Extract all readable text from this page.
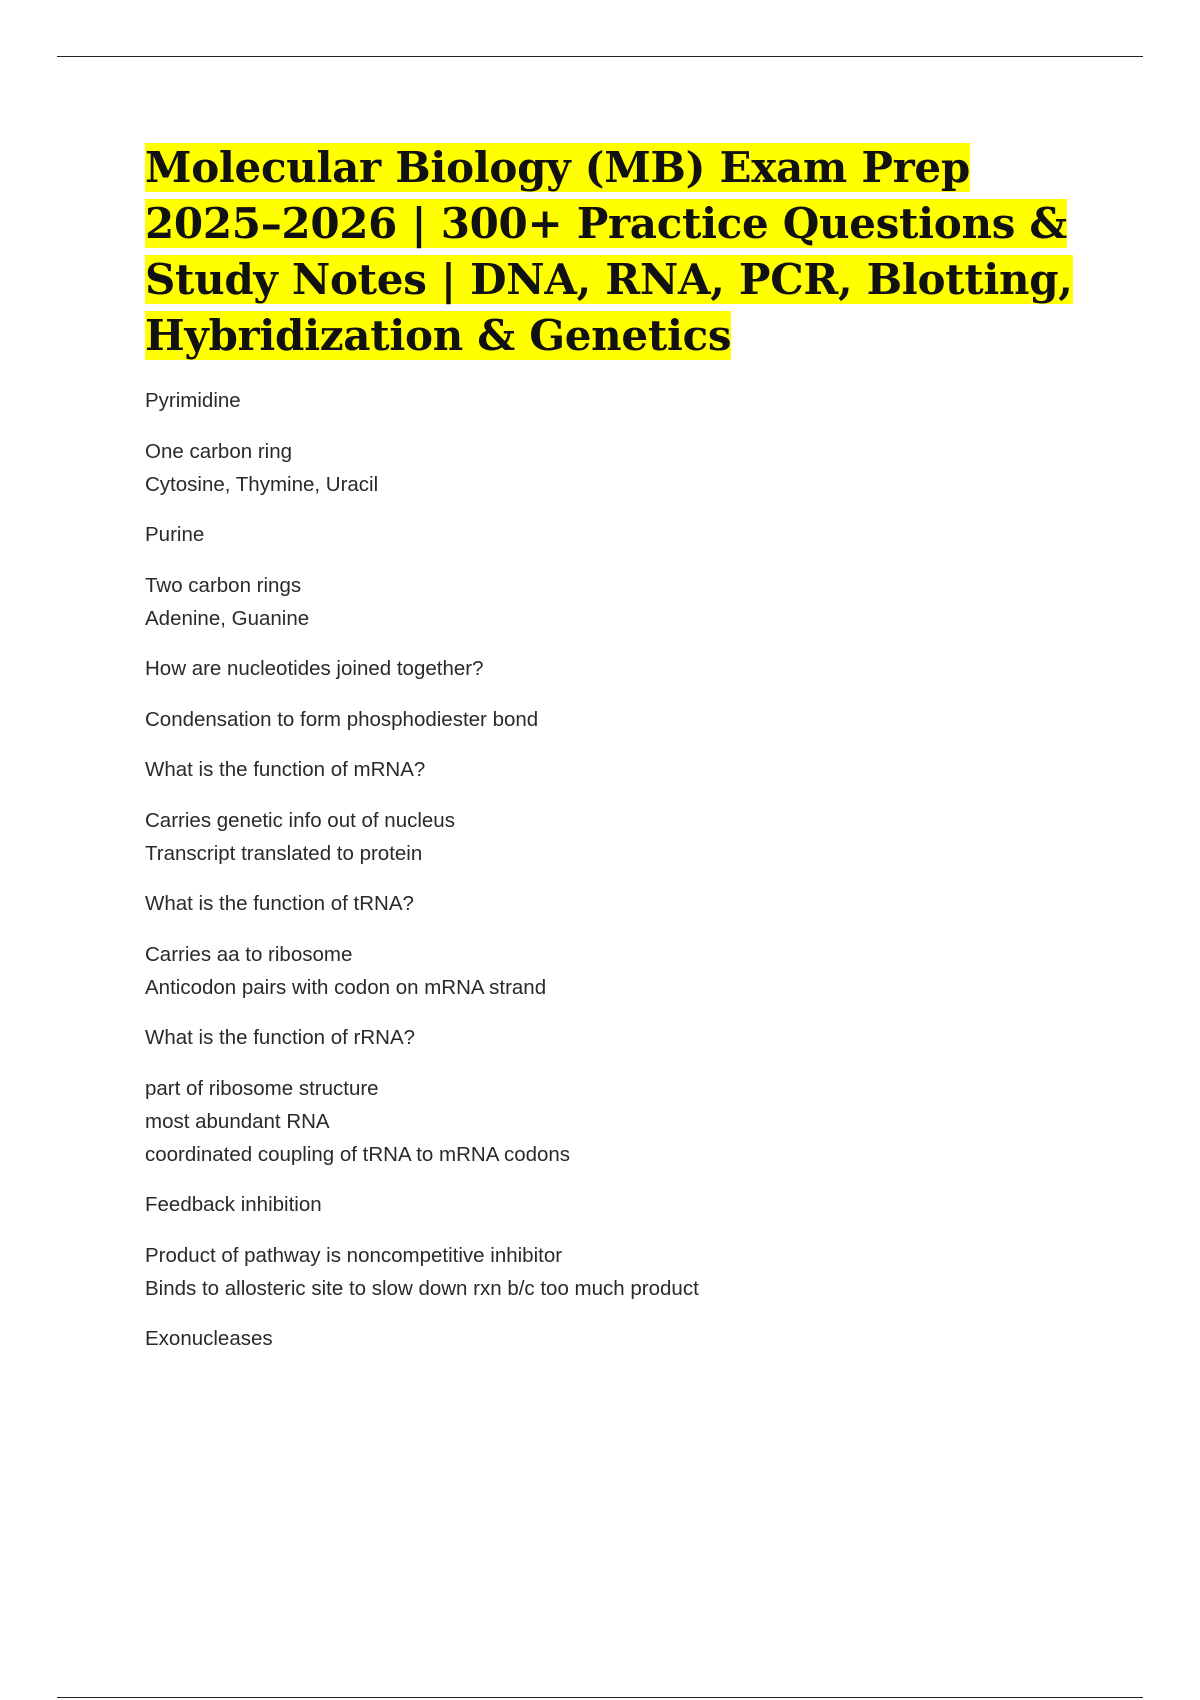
Molecular Biology (MB) Exam Prep 2025–2026 | 300+ Practice Questions & Study Notes | DNA, RNA, PCR, Blotting, Hybridization & Genetics
Pyrimidine
One carbon ring
Cytosine, Thymine, Uracil
Purine
Two carbon rings
Adenine, Guanine
How are nucleotides joined together?
Condensation to form phosphodiester bond
What is the function of mRNA?
Carries genetic info out of nucleus
Transcript translated to protein
What is the function of tRNA?
Carries aa to ribosome
Anticodon pairs with codon on mRNA strand
What is the function of rRNA?
part of ribosome structure
most abundant RNA
coordinated coupling of tRNA to mRNA codons
Feedback inhibition
Product of pathway is noncompetitive inhibitor
Binds to allosteric site to slow down rxn b/c too much product
Exonucleases
